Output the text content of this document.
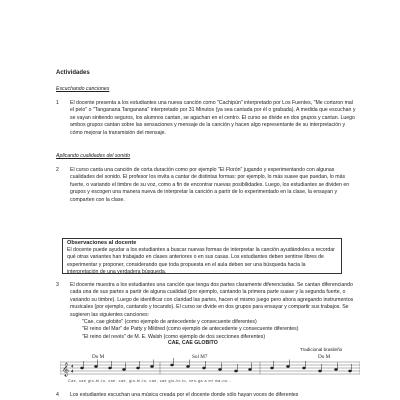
Actividades
Escuchando canciones
1	El docente presenta a los estudiantes una nueva canción como "Cachipún" interpretado por Los Fuentes, "Me cortaron mal el pelo" o "Tanganana Tanganana" interpretado por 31 Minutos (ya sea cantada por él o grabada). A medida que escuchan y se vayan sintiendo seguros, los alumnos cantan, se agachan en el centro. El curso se divide en dos grupos y cantan. Luego ambos grupos cantan sobre las sensaciones y mensaje de la canción y hacen algo representante de su interpretación y cómo mejorar la transmisión del mensaje.
Aplicando cualidades del sonido
2	El curso canta una canción de corta duración como por ejemplo "El Florón" jugando y experimentando con algunas cualidades del sonido. El profesor los invita a cantar de distintas formas: por ejemplo, lo más suave que puedan, lo más fuerte, o variando el timbre de su voz, como a fin de encontrar nuevas posibilidades. Luego, los estudiantes se dividen en grupos y escogen una manera nueva de interpretar la canción a partir de lo experimentado en la clase, la ensayan y comparten con la clase.
Observaciones al docente
El docente puede ayudar a los estudiantes a buscar nuevas formas de interpretar la canción ayudándoles a recordar qué otras variantes han trabajado en clases anteriores o en sus casas. Los estudiantes deben sentirse libres de experimentar y proponer, considerando que toda propuesta en el aula deben ser una búsqueda hacia la interpretación de una verdadera búsqueda.
3	El docente muestra a los estudiantes una canción que tenga dos partes claramente diferenciadas. Se cantan diferenciando cada una de sus partes a partir de alguna cualidad (por ejemplo, cantando la primera parte suave y la segunda fuerte, o variando su timbre). Luego de identificar con claridad las partes, hacen el mismo juego pero ahora agregando instrumentos musicales (por ejemplo, cantando y tocando). El curso se divide en dos grupos para ensayar y compartir sus trabajos. Se sugieren las siguientes canciones:
"Cae, cae globito" (como ejemplo de antecedente y consecuente diferentes)
"El reino del Mar" de Patty y Mildred (como ejemplo de antecedente y consecuente diferentes)
"El reino del revés" de M. E. Walsh (como ejemplo de dos secciones diferentes)
CAE, CAE GLOBITO
Tradicional brasileño
Do M	Sol M7	Do M
𝄞 4
4
Cae, cae glo-bi-to, cae, cae, glo-bi-to, cae, cae glo-bi-to, ven-ga a mi ma-no...
4	Los estudiantes escuchan una música creada por el docente donde sólo hayan voces de diferentes
